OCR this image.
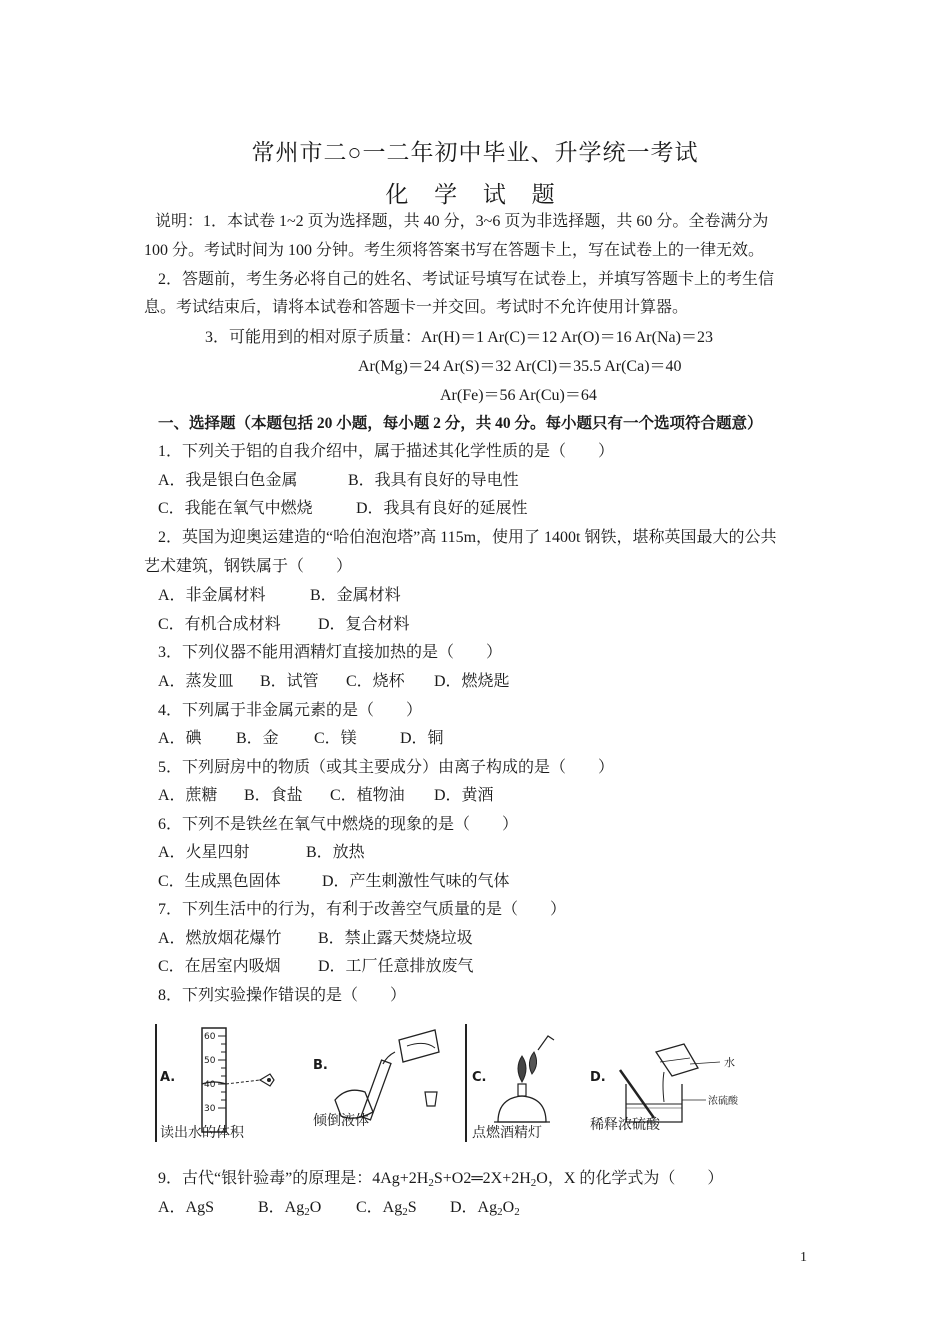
常州市二○一二年初中毕业、升学统一考试
化 学 试 题
说明：1．本试卷 1~2 页为选择题，共 40 分，3~6 页为非选择题，共 60 分。全卷满分为
100 分。考试时间为 100 分钟。考生须将答案书写在答题卡上，写在试卷上的一律无效。
2．答题前，考生务必将自己的姓名、考试证号填写在试卷上，并填写答题卡上的考生信
息。考试结束后，请将本试卷和答题卡一并交回。考试时不允许使用计算器。
3．可能用到的相对原子质量：Ar(H)＝1 Ar(C)＝12 Ar(O)＝16 Ar(Na)＝23
Ar(Mg)＝24 Ar(S)＝32 Ar(Cl)＝35.5 Ar(Ca)＝40
Ar(Fe)＝56 Ar(Cu)＝64
一、选择题（本题包括 20 小题，每小题 2 分，共 40 分。每小题只有一个选项符合题意）
1．下列关于铝的自我介绍中，属于描述其化学性质的是（　　）
A．我是银白色金属	B．我具有良好的导电性
C．我能在氧气中燃烧	D．我具有良好的延展性
2．英国为迎奥运建造的“哈伯泡泡塔”高 115m，使用了 1400t 钢铁，堪称英国最大的公共
艺术建筑，钢铁属于（　　）
A．非金属材料	B．金属材料
C．有机合成材料 D．复合材料
3．下列仪器不能用酒精灯直接加热的是（　　）
A．蒸发皿 B．试管 C．烧杯 D．燃烧匙
4．下列属于非金属元素的是（　　）
A．碘 B．金 C．镁	D．铜
5．下列厨房中的物质（或其主要成分）由离子构成的是（　　）
A．蔗糖 B．食盐 C．植物油 D．黄酒
6．下列不是铁丝在氧气中燃烧的现象的是（　　）
A．火星四射	B．放热
C．生成黑色固体	D．产生刺激性气味的气体
7．下列生活中的行为，有利于改善空气质量的是（　　）
A．燃放烟花爆竹 B．禁止露天焚烧垃圾
C．在居室内吸烟 D．工厂任意排放废气
8．下列实验操作错误的是（　　）
A.
60
50
40
30
读出水的体积
B.
倾倒液体
C.
点燃酒精灯
D.
水
浓硫酸
稀释浓硫酸
9．古代“银针验毒”的原理是：$4Ag+2H_2S+O2═2X+2H_2O$，X 的化学式为（　　）
A．AgS	B．$Ag_2O$ C．$Ag_2S$ D．$Ag_2O_2$
1
